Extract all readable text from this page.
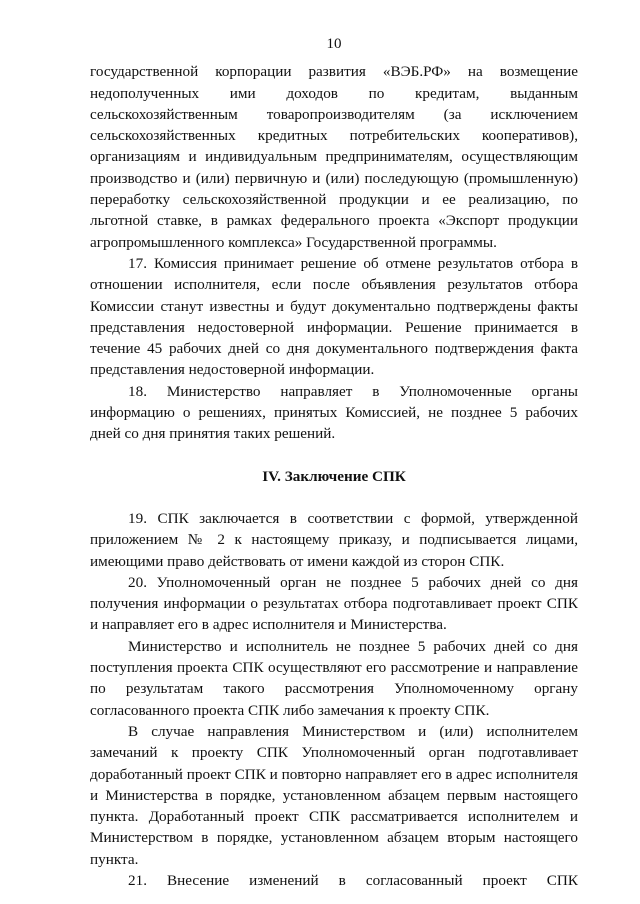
10

государственной корпорации развития «ВЭБ.РФ» на возмещение недополученных ими доходов по кредитам, выданным сельскохозяйственным товаропроизводителям (за исключением сельскохозяйственных кредитных потребительских кооперативов), организациям и индивидуальным предпринимателям, осуществляющим производство и (или) первичную и (или) последующую (промышленную) переработку сельскохозяйственной продукции и ее реализацию, по льготной ставке, в рамках федерального проекта «Экспорт продукции агропромышленного комплекса» Государственной программы.

17. Комиссия принимает решение об отмене результатов отбора в отношении исполнителя, если после объявления результатов отбора Комиссии станут известны и будут документально подтверждены факты представления недостоверной информации. Решение принимается в течение 45 рабочих дней со дня документального подтверждения факта представления недостоверной информации.

18. Министерство направляет в Уполномоченные органы информацию о решениях, принятых Комиссией, не позднее 5 рабочих дней со дня принятия таких решений.

IV. Заключение СПК

19. СПК заключается в соответствии с формой, утвержденной приложением № 2 к настоящему приказу, и подписывается лицами, имеющими право действовать от имени каждой из сторон СПК.

20. Уполномоченный орган не позднее 5 рабочих дней со дня получения информации о результатах отбора подготавливает проект СПК и направляет его в адрес исполнителя и Министерства.

Министерство и исполнитель не позднее 5 рабочих дней со дня поступления проекта СПК осуществляют его рассмотрение и направление по результатам такого рассмотрения Уполномоченному органу согласованного проекта СПК либо замечания к проекту СПК.

В случае направления Министерством и (или) исполнителем замечаний к проекту СПК Уполномоченный орган подготавливает доработанный проект СПК и повторно направляет его в адрес исполнителя и Министерства в порядке, установленном абзацем первым настоящего пункта. Доработанный проект СПК рассматривается исполнителем и Министерством в порядке, установленном абзацем вторым настоящего пункта.

21. Внесение изменений в согласованный проект СПК
